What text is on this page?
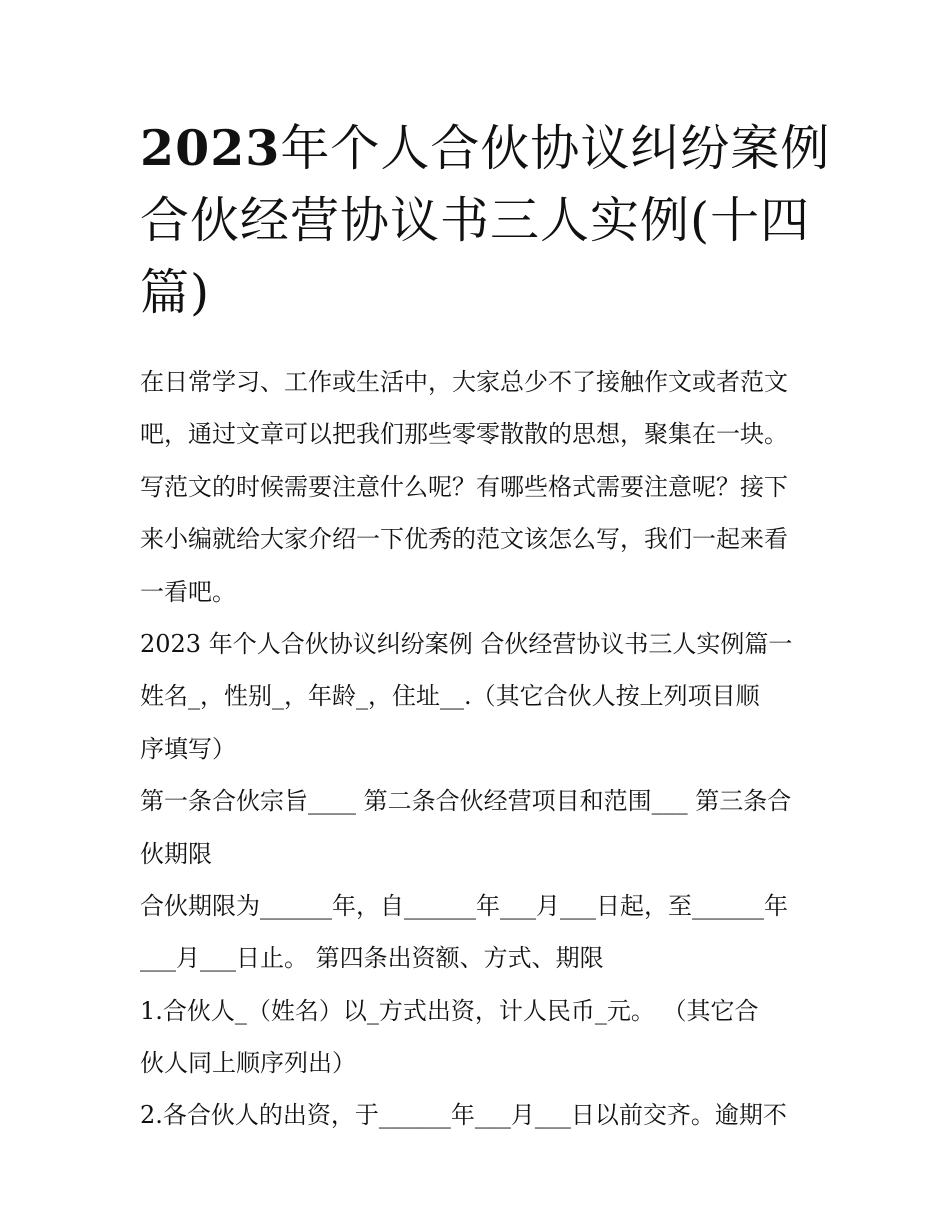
2023年个人合伙协议纠纷案例
合伙经营协议书三人实例(十四
篇)
在日常学习、工作或生活中，大家总少不了接触作文或者范文
吧，通过文章可以把我们那些零零散散的思想，聚集在一块。
写范文的时候需要注意什么呢？有哪些格式需要注意呢？接下
来小编就给大家介绍一下优秀的范文该怎么写，我们一起来看
一看吧。
2023 年个人合伙协议纠纷案例 合伙经营协议书三人实例篇一
姓名_，性别_，年龄_，住址__.（其它合伙人按上列项目顺
序填写）
第一条合伙宗旨____ 第二条合伙经营项目和范围___ 第三条合
伙期限
合伙期限为______年，自______年___月___日起，至______年
___月___日止。 第四条出资额、方式、期限
1.合伙人_（姓名）以_方式出资，计人民币_元。 （其它合
伙人同上顺序列出）
2.各合伙人的出资，于______年___月___日以前交齐。逾期不
